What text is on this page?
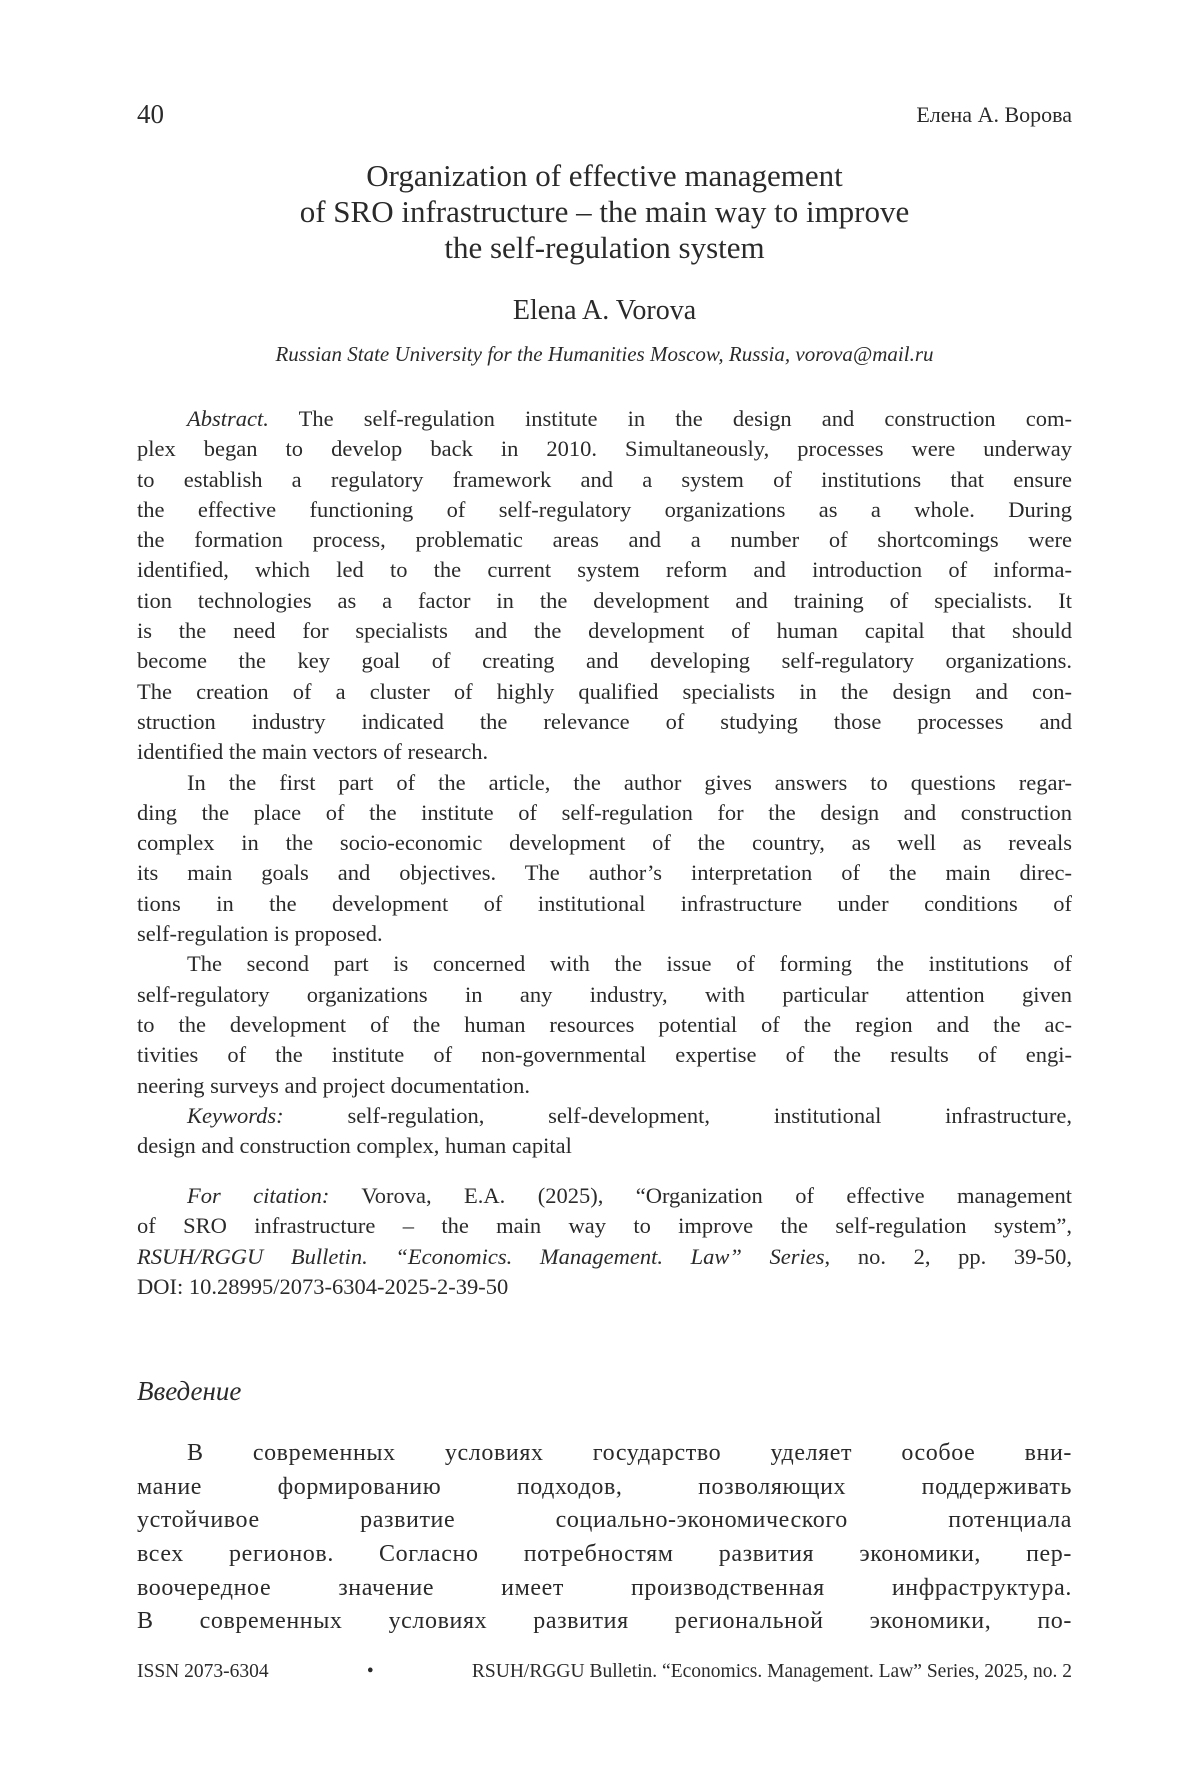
40	Елена А. Ворова
Organization of effective management
of SRO infrastructure – the main way to improve
the self-regulation system
Elena A. Vorova
Russian State University for the Humanities Moscow, Russia, vorova@mail.ru
Abstract. The self-regulation institute in the design and construction com-
plex began to develop back in 2010. Simultaneously, processes were underway
to establish a regulatory framework and a system of institutions that ensure
the effective functioning of self-regulatory organizations as a whole. During
the formation process, problematic areas and a number of shortcomings were
identified, which led to the current system reform and introduction of informa-
tion technologies as a factor in the development and training of specialists. It
is the need for specialists and the development of human capital that should
become the key goal of creating and developing self-regulatory organizations.
The creation of a cluster of highly qualified specialists in the design and con-
struction industry indicated the relevance of studying those processes and
identified the main vectors of research.
In the first part of the article, the author gives answers to questions regar-
ding the place of the institute of self-regulation for the design and construction
complex in the socio-economic development of the country, as well as reveals
its main goals and objectives. The author’s interpretation of the main direc-
tions in the development of institutional infrastructure under conditions of
self-regulation is proposed.
The second part is concerned with the issue of forming the institutions of
self-regulatory organizations in any industry, with particular attention given
to the development of the human resources potential of the region and the ac-
tivities of the institute of non-governmental expertise of the results of engi-
neering surveys and project documentation.
Keywords: self-regulation, self-development, institutional infrastructure,
design and construction complex, human capital
For citation: Vorova, E.A. (2025), “Organization of effective management
of SRO infrastructure – the main way to improve the self-regulation system”,
RSUH/RGGU Bulletin. “Economics. Management. Law” Series, no. 2, pp. 39-50,
DOI: 10.28995/2073-6304-2025-2-39-50
Введение
В современных условиях государство уделяет особое вни-
мание формированию подходов, позволяющих поддерживать
устойчивое развитие социально-экономического потенциала
всех регионов. Согласно потребностям развития экономики, пер-
воочередное значение имеет производственная инфраструктура.
В современных условиях развития региональной экономики, по-
ISSN 2073-6304	•	RSUH/RGGU Bulletin. “Economics. Management. Law” Series, 2025, no. 2
